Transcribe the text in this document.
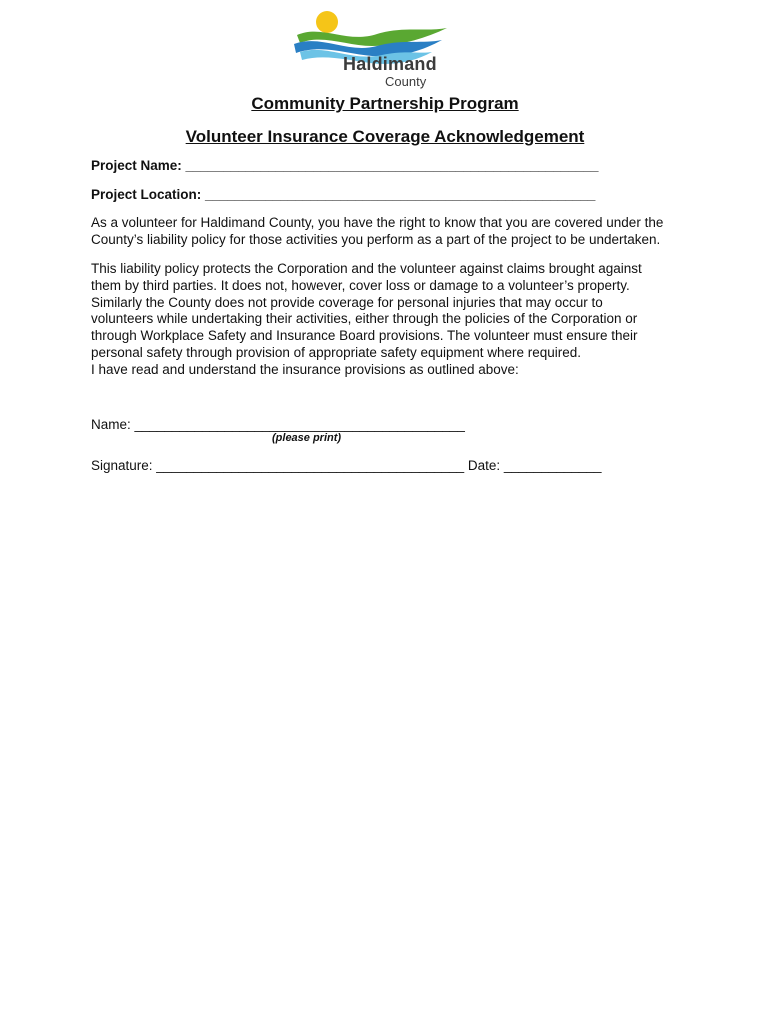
Haldimand
County
Community Partnership Program
Volunteer Insurance Coverage Acknowledgement
Project Name: _______________________________________________________
Project Location: ____________________________________________________
As a volunteer for Haldimand County, you have the right to know that you are covered under the
County’s liability policy for those activities you perform as a part of the project to be undertaken.
This liability policy protects the Corporation and the volunteer against claims brought against
them by third parties. It does not, however, cover loss or damage to a volunteer’s property.
Similarly the County does not provide coverage for personal injuries that may occur to
volunteers while undertaking their activities, either through the policies of the Corporation or
through Workplace Safety and Insurance Board provisions. The volunteer must ensure their
personal safety through provision of appropriate safety equipment where required.
I have read and understand the insurance provisions as outlined above:
Name: ____________________________________________
(please print)
Signature: _________________________________________ Date: _____________
